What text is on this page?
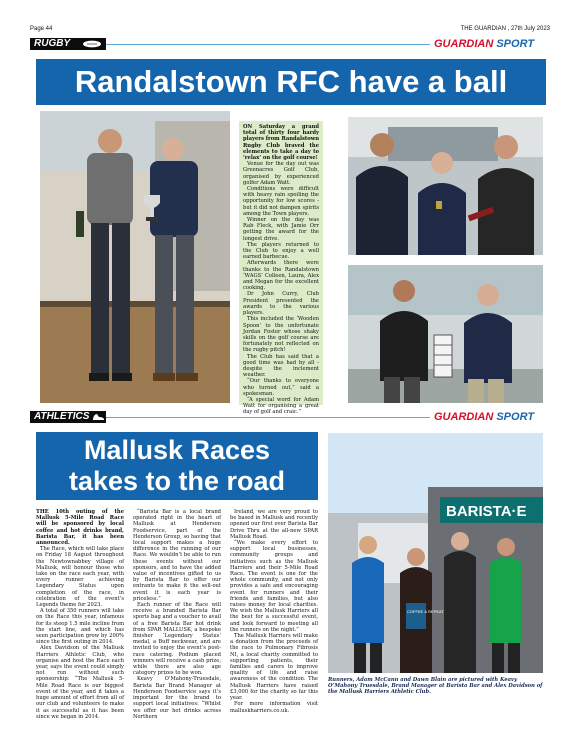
Page 44	THE GUARDIAN , 27th July 2023
RUGBY	GUARDIAN SPORT
Randalstown RFC have a ball

ON Saturday a grand total of thirty four hardy players from Randalstown Rugby Club braved the elements to take a day to ‘relax’ on the golf course!

Venue for the day out was Greenacres Golf Club, organised by experienced golfer Adam Watt.

Conditions were difficult with heavy rain spoiling the opportunity for low scores - but it did not dampen spirits among the Town players.

Winner on the day was Rab Fleck, with Jamie Orr getting the award for the longest drive.

The players returned to the Club to enjoy a well earned barbecue.

Afterwards there were thanks to the Randalstown ‘WAGS’ Colleen, Laura, Alex and Megan for the excellent cooking.

Dr John Curry, Club President presented the awards to the various players.

This included the ‘Wooden Spoon’ to the unfortunate Jordan Foster whose shaky skills on the golf course are fortunately not reflected on the rugby pitch!

The Club has said that a good time was had by all - despite the inclement weather.

“Our thanks to everyone who turned out,” said a spokesman.

“A special word for Adam Watt for organising a great day of golf and craic.”

ATHLETICS	GUARDIAN SPORT
Mallusk Races
takes to the road

THE 10th outing of the Mallusk 5-Mile Road Race will be sponsored by local coffee and hot drinks brand, Barista Bar, it has been announced.

The Race, which will take place on Friday 18 August throughout the Newtownabbey village of Mallusk, will honour those who take on the race each year, with every runner achieving Legendary Status upon completion of the race, in celebration of the event’s Legends theme for 2023.

A total of 350 runners will take on the Race this year, infamous for its steep 1.5 mile incline from the start line, and which has seen participation grow by 200% since the first outing in 2014.

Alex Davidson of the Mallusk Harriers Athletic Club, who organise and host the Race each year, says the event could simply not run without such sponsorship: “The Mallusk 5-Mile Road Race is our biggest event of the year, and it takes a huge amount of effort from all of our club and volunteers to make it as successful as it has been since we began in 2014.

“Barista Bar is a local brand operated right in the heart of Mallusk at Henderson Foodservice, part of the Henderson Group, so having that local support makes a huge difference in the running of our Race. We wouldn’t be able to run these events without our sponsors, and to have the added value of incentives gifted to us by Barista Bar to offer our entrants to make it the sell-out event it is each year is priceless.”

Each runner of the Race will receive a branded Barista Bar sports bag and a voucher to avail of a free Barista Bar hot drink from SPAR MALLUSK, a bespoke finisher ‘Legendary Status’ medal, a Buff neckwear, and are invited to enjoy the event’s post-race catering. Podium placed winners will receive a cash prize, while there are also age category prizes to be won.

Keavy O’Mahony-Truesdale, Barista Bar Brand Manager at Henderson Foodservice says it’s important for the brand to support local initiatives: “Whilst we offer our hot drinks across Northern

Ireland, we are very proud to be based in Mallusk and recently opened our first ever Barista Bar Drive Thru at the all-new SPAR Mallusk Road.

“We make every effort to support local businesses, community groups and initiatives such as the Mallusk Harriers and their 5-Mile Road Race. The event is one for the whole community, and not only provides a safe and encouraging event for runners and their friends and families, but also raises money for local charities. We wish the Mallusk Harriers all the best for a successful event, and look forward to meeting all the runners on the night.”

The Mallusk Harriers will make a donation from the proceeds of the race to Pulmonary Fibrosis NI, a local charity committed to supporting patients, their families and carers to improve quality of life and raise awareness of the condition. The Mallusk Harriers have raised £3,000 for the charity so far this year.

For more information visit malluskharriers.co.uk.

BARISTA·E
COFFEE & REPEAT
Runners, Adam McCann and Dawn Blain are pictured with Keavy O’Mahony Truesdale, Brand Manager at Barista Bar and Alex Davidson of the Mallusk Harriers Athletic Club.
